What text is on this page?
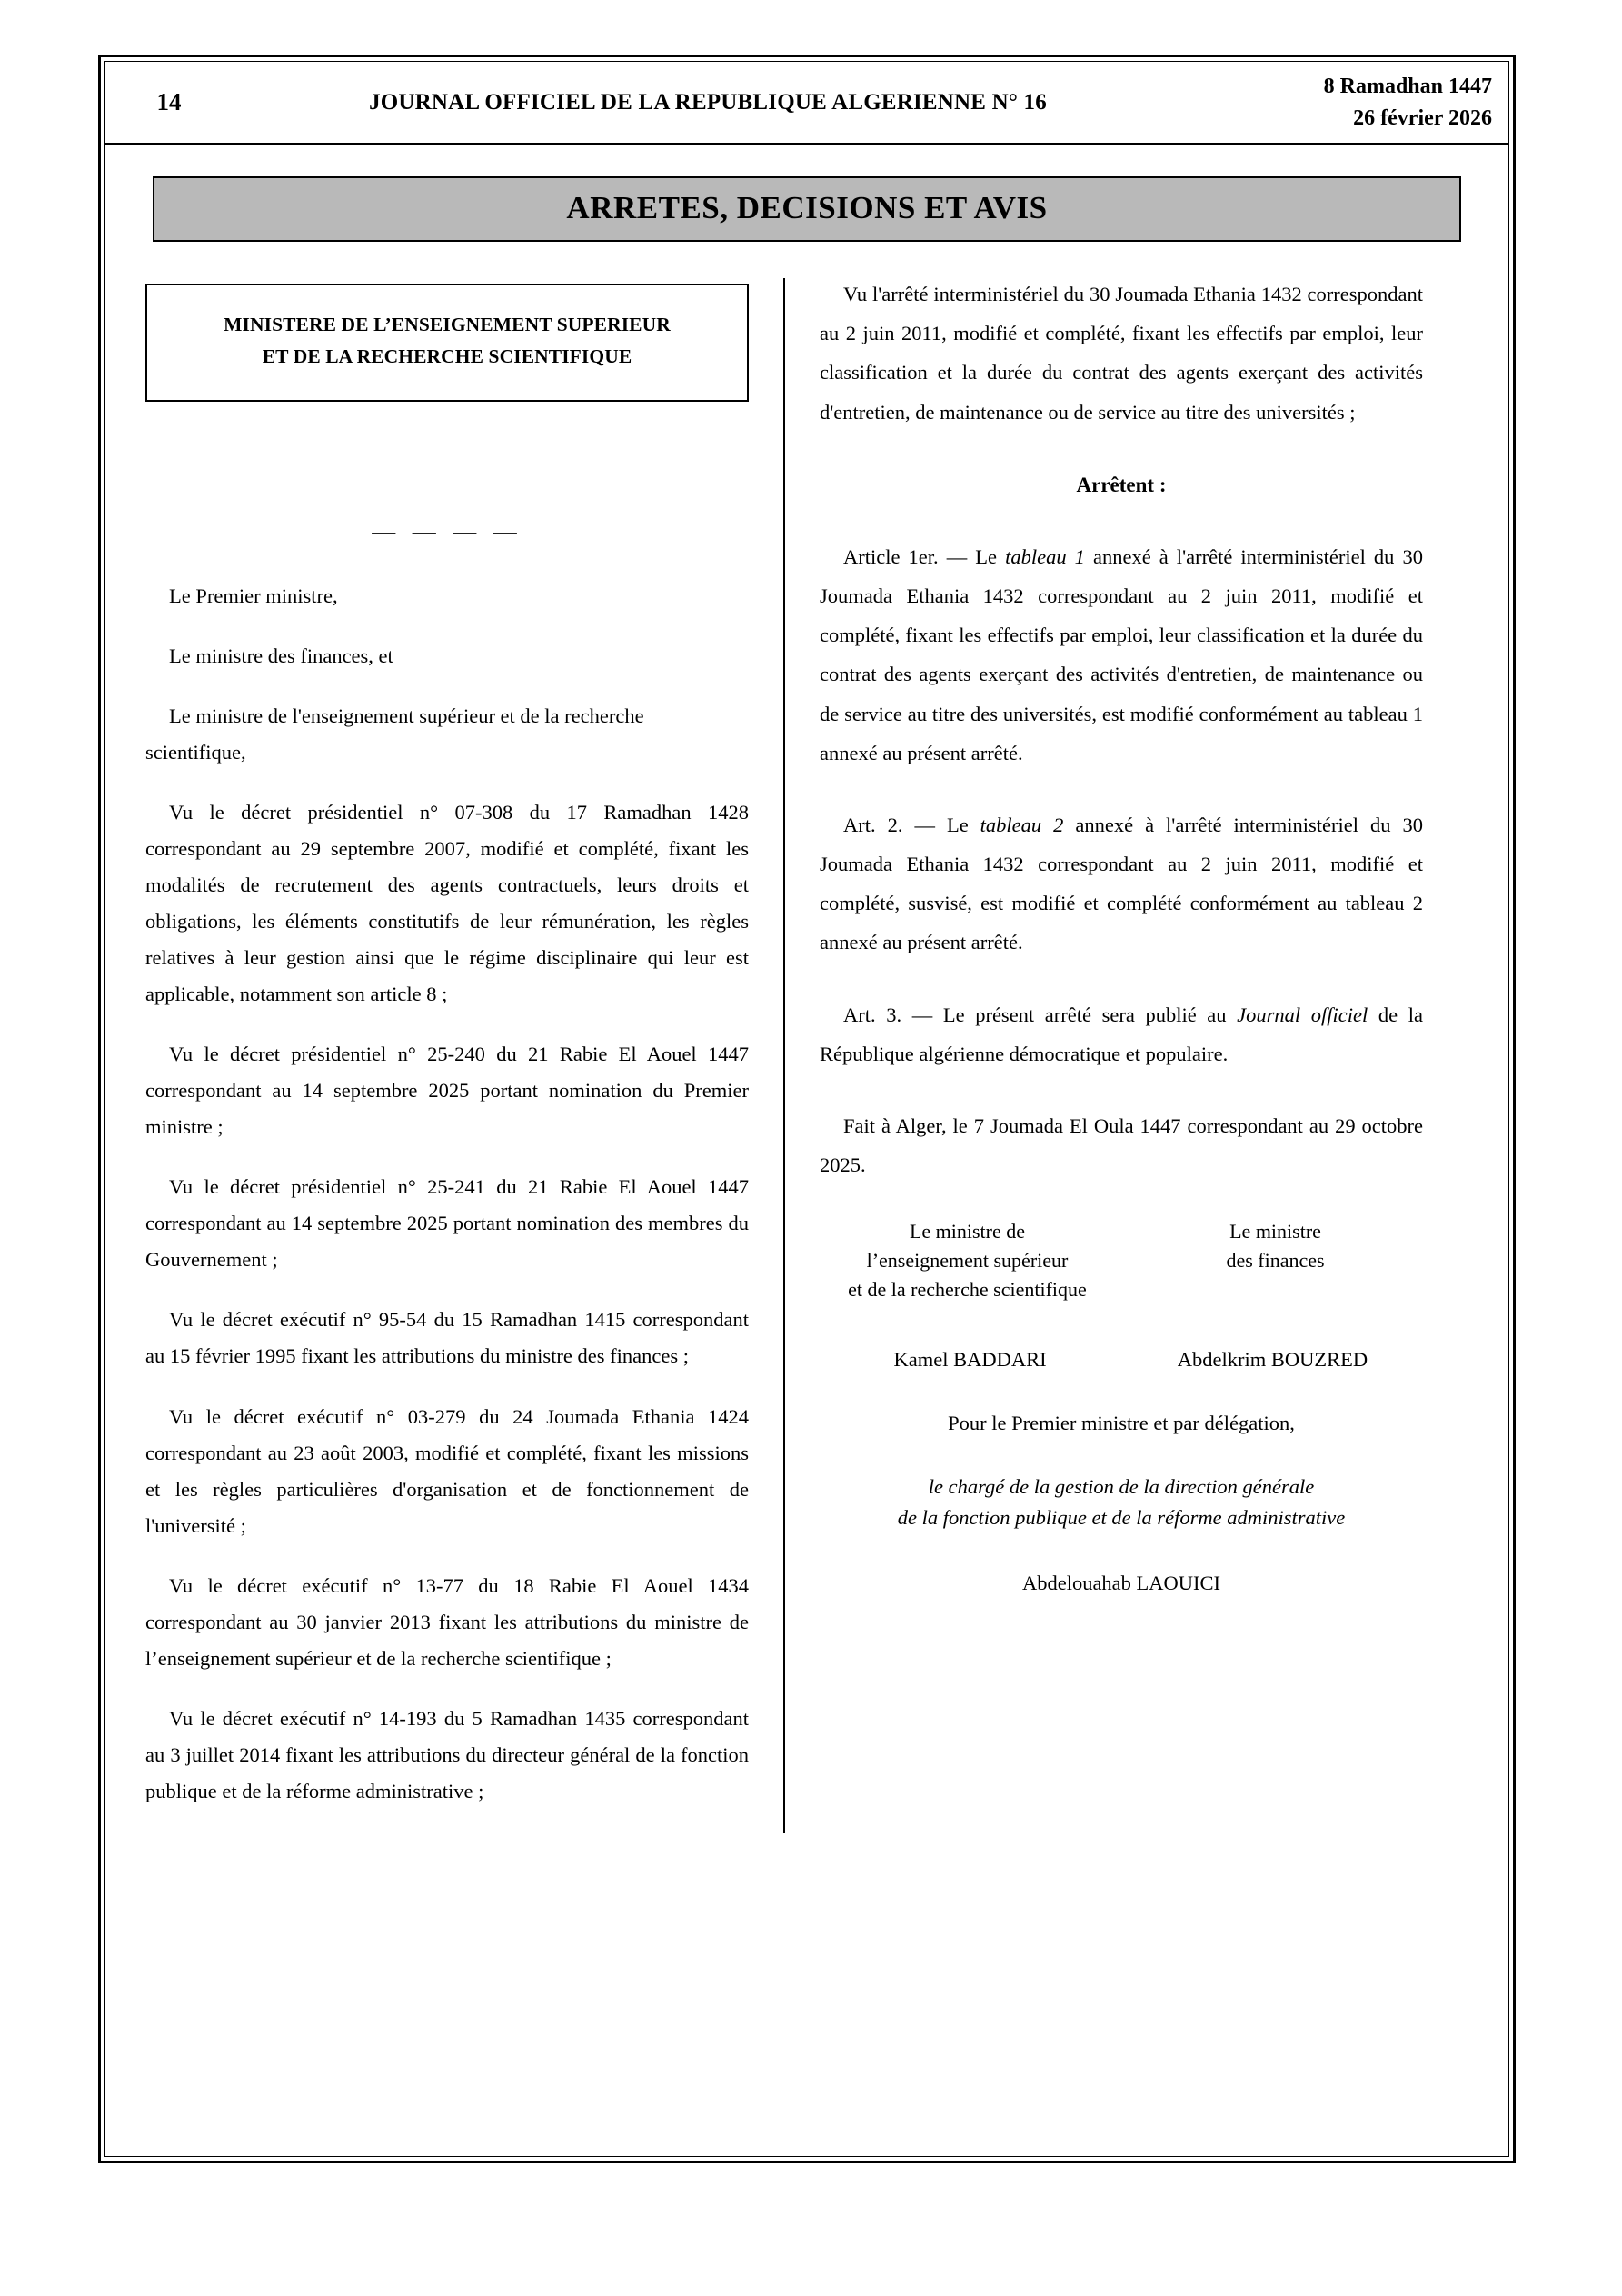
14	JOURNAL OFFICIEL DE LA REPUBLIQUE ALGERIENNE N° 16
8 Ramadhan 1447
26 février 2026
ARRETES, DECISIONS ET AVIS
MINISTERE DE L’ENSEIGNEMENT SUPERIEUR
ET DE LA RECHERCHE SCIENTIFIQUE
— — — —

Le Premier ministre,

Le ministre des finances, et

Le ministre de l'enseignement supérieur et de la recherche scientifique,

Vu le décret présidentiel n° 07-308 du 17 Ramadhan 1428 correspondant au 29 septembre 2007, modifié et complété, fixant les modalités de recrutement des agents contractuels, leurs droits et obligations, les éléments constitutifs de leur rémunération, les règles relatives à leur gestion ainsi que le régime disciplinaire qui leur est applicable, notamment son article 8 ;

Vu le décret présidentiel n° 25-240 du 21 Rabie El Aouel 1447 correspondant au 14 septembre 2025 portant nomination du Premier ministre ;

Vu le décret présidentiel n° 25-241 du 21 Rabie El Aouel 1447 correspondant au 14 septembre 2025 portant nomination des membres du Gouvernement ;

Vu le décret exécutif n° 95-54 du 15 Ramadhan 1415 correspondant au 15 février 1995 fixant les attributions du ministre des finances ;

Vu le décret exécutif n° 03-279 du 24 Joumada Ethania 1424 correspondant au 23 août 2003, modifié et complété, fixant les missions et les règles particulières d'organisation et de fonctionnement de l'université ;

Vu le décret exécutif n° 13-77 du 18 Rabie El Aouel 1434 correspondant au 30 janvier 2013 fixant les attributions du ministre de l’enseignement supérieur et de la recherche scientifique ;

Vu le décret exécutif n° 14-193 du 5 Ramadhan 1435 correspondant au 3 juillet 2014 fixant les attributions du directeur général de la fonction publique et de la réforme administrative ;

Vu l'arrêté interministériel du 30 Joumada Ethania 1432 correspondant au 2 juin 2011, modifié et complété, fixant les effectifs par emploi, leur classification et la durée du contrat des agents exerçant des activités d'entretien, de maintenance ou de service au titre des universités ;

Arrêtent :

Article 1er. — Le tableau 1 annexé à l'arrêté interministériel du 30 Joumada Ethania 1432 correspondant au 2 juin 2011, modifié et complété, fixant les effectifs par emploi, leur classification et la durée du contrat des agents exerçant des activités d'entretien, de maintenance ou de service au titre des universités, est modifié conformément au tableau 1 annexé au présent arrêté.

Art. 2. — Le tableau 2 annexé à l'arrêté interministériel du 30 Joumada Ethania 1432 correspondant au 2 juin 2011, modifié et complété, susvisé, est modifié et complété conformément au tableau 2 annexé au présent arrêté.

Art. 3. — Le présent arrêté sera publié au Journal officiel de la République algérienne démocratique et populaire.

Fait à Alger, le 7 Joumada El Oula 1447 correspondant au 29 octobre 2025.

Le ministre de
l’enseignement supérieur
et de la recherche scientifique
Le ministre
des finances
Kamel BADDARI	Abdelkrim BOUZRED
Pour le Premier ministre et par délégation,
le chargé de la gestion de la direction générale
de la fonction publique et de la réforme administrative
Abdelouahab LAOUICI
